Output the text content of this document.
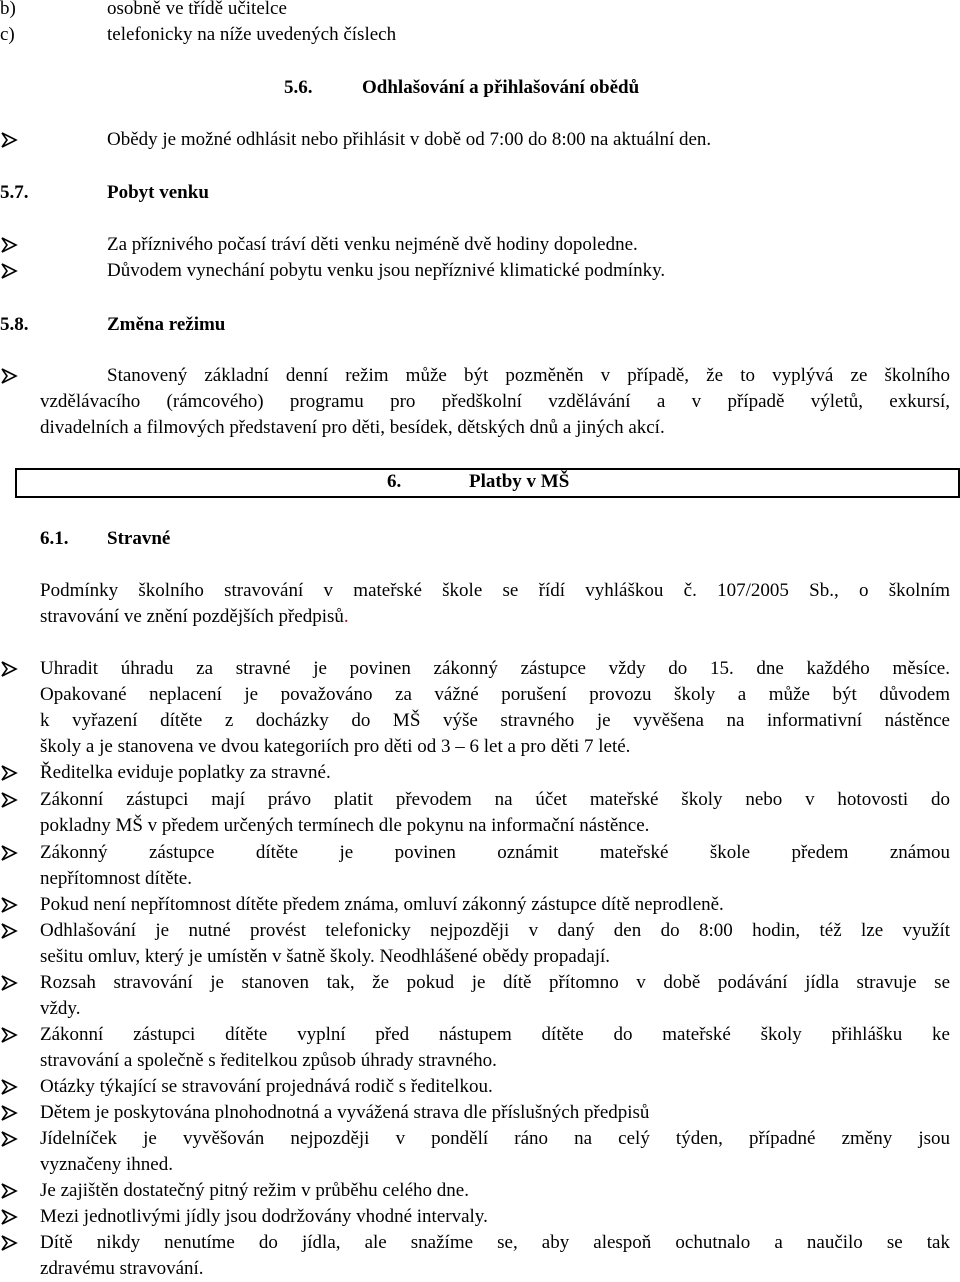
b)	osobně ve třídě učitelce
c)	telefonicky na níže uvedených číslech
5.6.	Odhlašování a přihlašování obědů
Obědy je možné odhlásit nebo přihlásit v době od 7:00 do 8:00 na aktuální den.
5.7.	Pobyt venku
Za příznivého počasí tráví děti venku nejméně dvě hodiny dopoledne.
Důvodem vynechání pobytu venku jsou nepříznivé klimatické podmínky.
5.8.	Změna režimu
Stanovený základní denní režim může být pozměněn v případě, že to vyplývá ze školního
vzdělávacího (rámcového) programu pro předškolní vzdělávání a v případě výletů, exkursí,
divadelních a filmových představení pro děti, besídek, dětských dnů a jiných akcí.
6.	Platby v MŠ
6.1. Stravné
Podmínky školního stravování v mateřské škole se řídí vyhláškou č. 107/2005 Sb., o školním
stravování ve znění pozdějších předpisů.
Uhradit úhradu za stravné je povinen zákonný zástupce vždy do 15. dne každého měsíce.
Opakované neplacení je považováno za vážné porušení provozu školy a může být důvodem
k vyřazení dítěte z docházky do MŠ výše stravného je vyvěšena na informativní nástěnce
školy a je stanovena ve dvou kategoriích pro děti od 3 – 6 let a pro děti 7 leté.
Ředitelka eviduje poplatky za stravné.
Zákonní zástupci mají právo platit převodem na účet mateřské školy nebo v hotovosti do
pokladny MŠ v předem určených termínech dle pokynu na informační nástěnce.
Zákonný zástupce dítěte je povinen oznámit mateřské škole předem známou
nepřítomnost dítěte.
Pokud není nepřítomnost dítěte předem známa, omluví zákonný zástupce dítě neprodleně.
Odhlašování je nutné provést telefonicky nejpozději v daný den do 8:00 hodin, též lze využít
sešitu omluv, který je umístěn v šatně školy. Neodhlášené obědy propadají.
Rozsah stravování je stanoven tak, že pokud je dítě přítomno v době podávání jídla stravuje se
vždy.
Zákonní zástupci dítěte vyplní před nástupem dítěte do mateřské školy přihlášku ke
stravování a společně s ředitelkou způsob úhrady stravného.
Otázky týkající se stravování projednává rodič s ředitelkou.
Dětem je poskytována plnohodnotná a vyvážená strava dle příslušných předpisů
Jídelníček je vyvěšován nejpozději v pondělí ráno na celý týden, případné změny jsou
vyznačeny ihned.
Je zajištěn dostatečný pitný režim v průběhu celého dne.
Mezi jednotlivými jídly jsou dodržovány vhodné intervaly.
Dítě nikdy nenutíme do jídla, ale snažíme se, aby alespoň ochutnalo a naučilo se tak
zdravému stravování.
